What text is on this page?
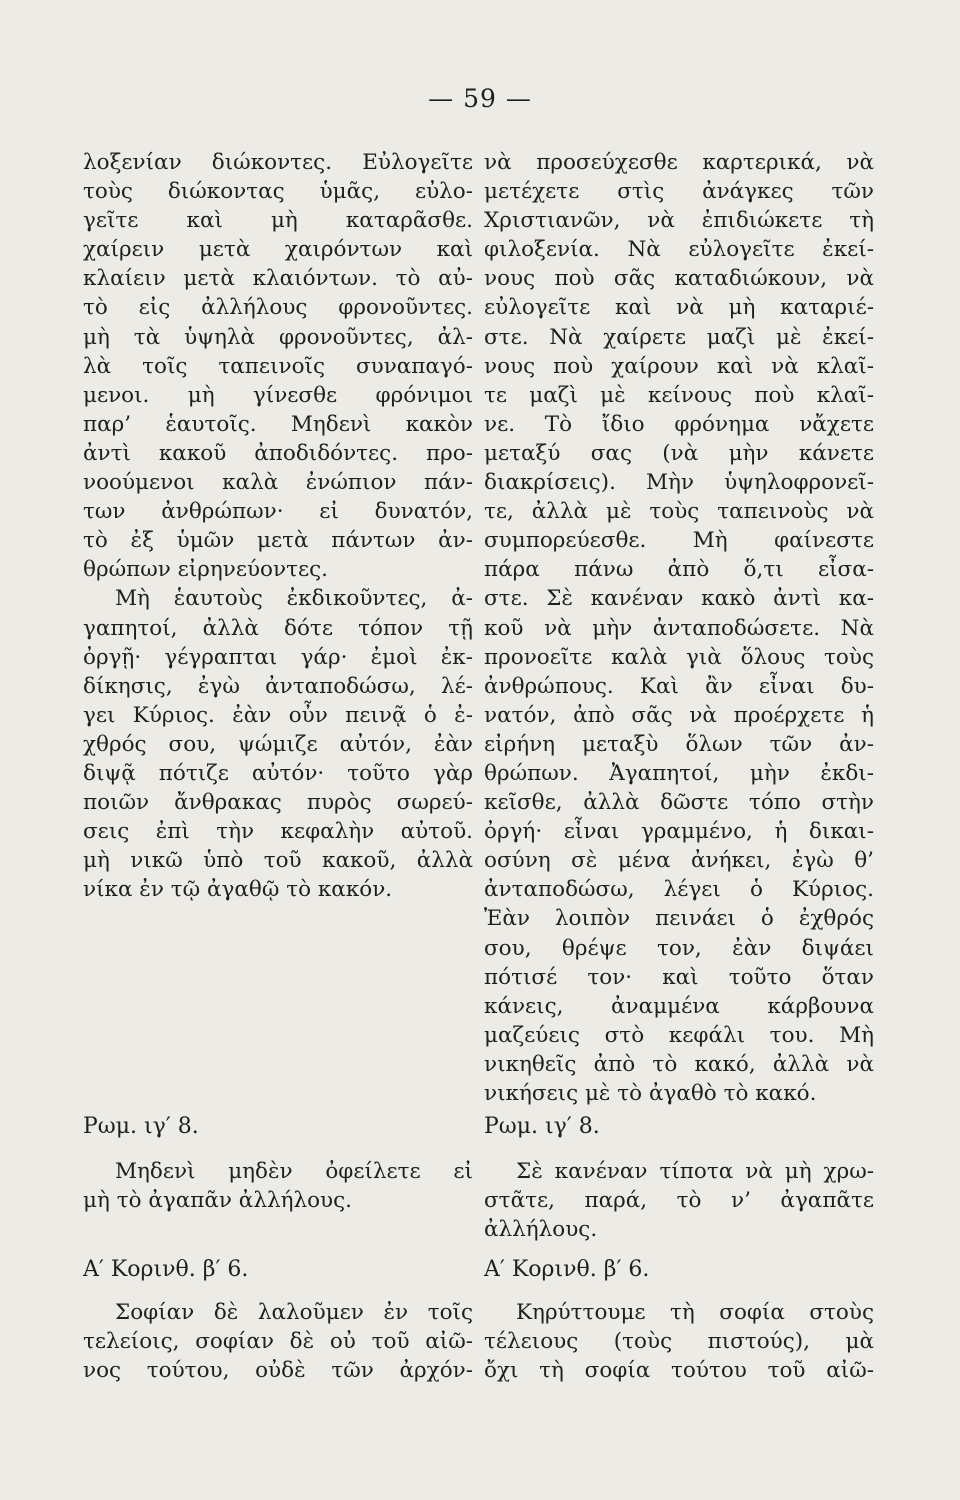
— 59 —
λοξενίαν διώκοντες. Εὐλογεῖτε
τοὺς διώκοντας ὑμᾶς, εὐλο-
γεῖτε καὶ μὴ καταρᾶσθε.
χαίρειν μετὰ χαιρόντων καὶ
κλαίειν μετὰ κλαιόντων. τὸ αὐ-
τὸ εἰς ἀλλήλους φρονοῦντες.
μὴ τὰ ὑψηλὰ φρονοῦντες, ἀλ-
λὰ τοῖς ταπεινοῖς συναπαγό-
μενοι. μὴ γίνεσθε φρόνιμοι
παρ’ ἑαυτοῖς. Μηδενὶ κακὸν
ἀντὶ κακοῦ ἀποδιδόντες. προ-
νοούμενοι καλὰ ἐνώπιον πάν-
των ἀνθρώπων· εἰ δυνατόν,
τὸ ἐξ ὑμῶν μετὰ πάντων ἀν-
θρώπων εἰρηνεύοντες.
Μὴ ἑαυτοὺς ἐκδικοῦντες, ἀ-
γαπητοί, ἀλλὰ δότε τόπον τῇ
ὀργῇ· γέγραπται γάρ· ἐμοὶ ἐκ-
δίκησις, ἐγὼ ἀνταποδώσω, λέ-
γει Κύριος. ἐὰν οὖν πεινᾷ ὁ ἐ-
χθρός σου, ψώμιζε αὐτόν, ἐὰν
διψᾷ πότιζε αὐτόν· τοῦτο γὰρ
ποιῶν ἄνθρακας πυρὸς σωρεύ-
σεις ἐπὶ τὴν κεφαλὴν αὐτοῦ.
μὴ νικῶ ὑπὸ τοῦ κακοῦ, ἀλλὰ
νίκα ἐν τῷ ἀγαθῷ τὸ κακόν.
Ρωμ. ιγ′ 8.
Μηδενὶ μηδὲν ὀφείλετε εἰ
μὴ τὸ ἀγαπᾶν ἀλλήλους.
Α′ Κορινθ. β′ 6.
Σοφίαν δὲ λαλοῦμεν ἐν τοῖς
τελείοις, σοφίαν δὲ οὐ τοῦ αἰῶ-
νος τούτου, οὐδὲ τῶν ἀρχόν-
νὰ προσεύχεσθε καρτερικά, νὰ
μετέχετε στὶς ἀνάγκες τῶν
Χριστιανῶν, νὰ ἐπιδιώκετε τὴ
φιλοξενία. Νὰ εὐλογεῖτε ἐκεί-
νους ποὺ σᾶς καταδιώκουν, νὰ
εὐλογεῖτε καὶ νὰ μὴ καταριέ-
στε. Νὰ χαίρετε μαζὶ μὲ ἐκεί-
νους ποὺ χαίρουν καὶ νὰ κλαῖ-
τε μαζὶ μὲ κείνους ποὺ κλαῖ-
νε. Τὸ ἴδιο φρόνημα νἄχετε
μεταξύ σας (νὰ μὴν κάνετε
διακρίσεις). Μὴν ὑψηλοφρονεῖ-
τε, ἀλλὰ μὲ τοὺς ταπεινοὺς νὰ
συμπορεύεσθε. Μὴ φαίνεστε
πάρα πάνω ἀπὸ ὅ,τι εἶσα-
στε. Σὲ κανέναν κακὸ ἀντὶ κα-
κοῦ νὰ μὴν ἀνταποδώσετε. Νὰ
προνοεῖτε καλὰ γιὰ ὅλους τοὺς
ἀνθρώπους. Καὶ ἂν εἶναι δυ-
νατόν, ἀπὸ σᾶς νὰ προέρχετε ἡ
εἰρήνη μεταξὺ ὅλων τῶν ἀν-
θρώπων. Ἀγαπητοί, μὴν ἐκδι-
κεῖσθε, ἀλλὰ δῶστε τόπο στὴν
ὀργή· εἶναι γραμμένο, ἡ δικαι-
οσύνη σὲ μένα ἀνήκει, ἐγὼ θ’
ἀνταποδώσω, λέγει ὁ Κύριος.
Ἐὰν λοιπὸν πεινάει ὁ ἐχθρός
σου, θρέψε τον, ἐὰν διψάει
πότισέ τον· καὶ τοῦτο ὅταν
κάνεις, ἀναμμένα κάρβουνα
μαζεύεις στὸ κεφάλι του. Μὴ
νικηθεῖς ἀπὸ τὸ κακό, ἀλλὰ νὰ
νικήσεις μὲ τὸ ἀγαθὸ τὸ κακό.
Ρωμ. ιγ′ 8.
Σὲ κανέναν τίποτα νὰ μὴ χρω-
στᾶτε, παρά, τὸ ν’ ἀγαπᾶτε
ἀλλήλους.
Α′ Κορινθ. β′ 6.
Κηρύττουμε τὴ σοφία στοὺς
τέλειους (τοὺς πιστούς), μὰ
ὄχι τὴ σοφία τούτου τοῦ αἰῶ-
